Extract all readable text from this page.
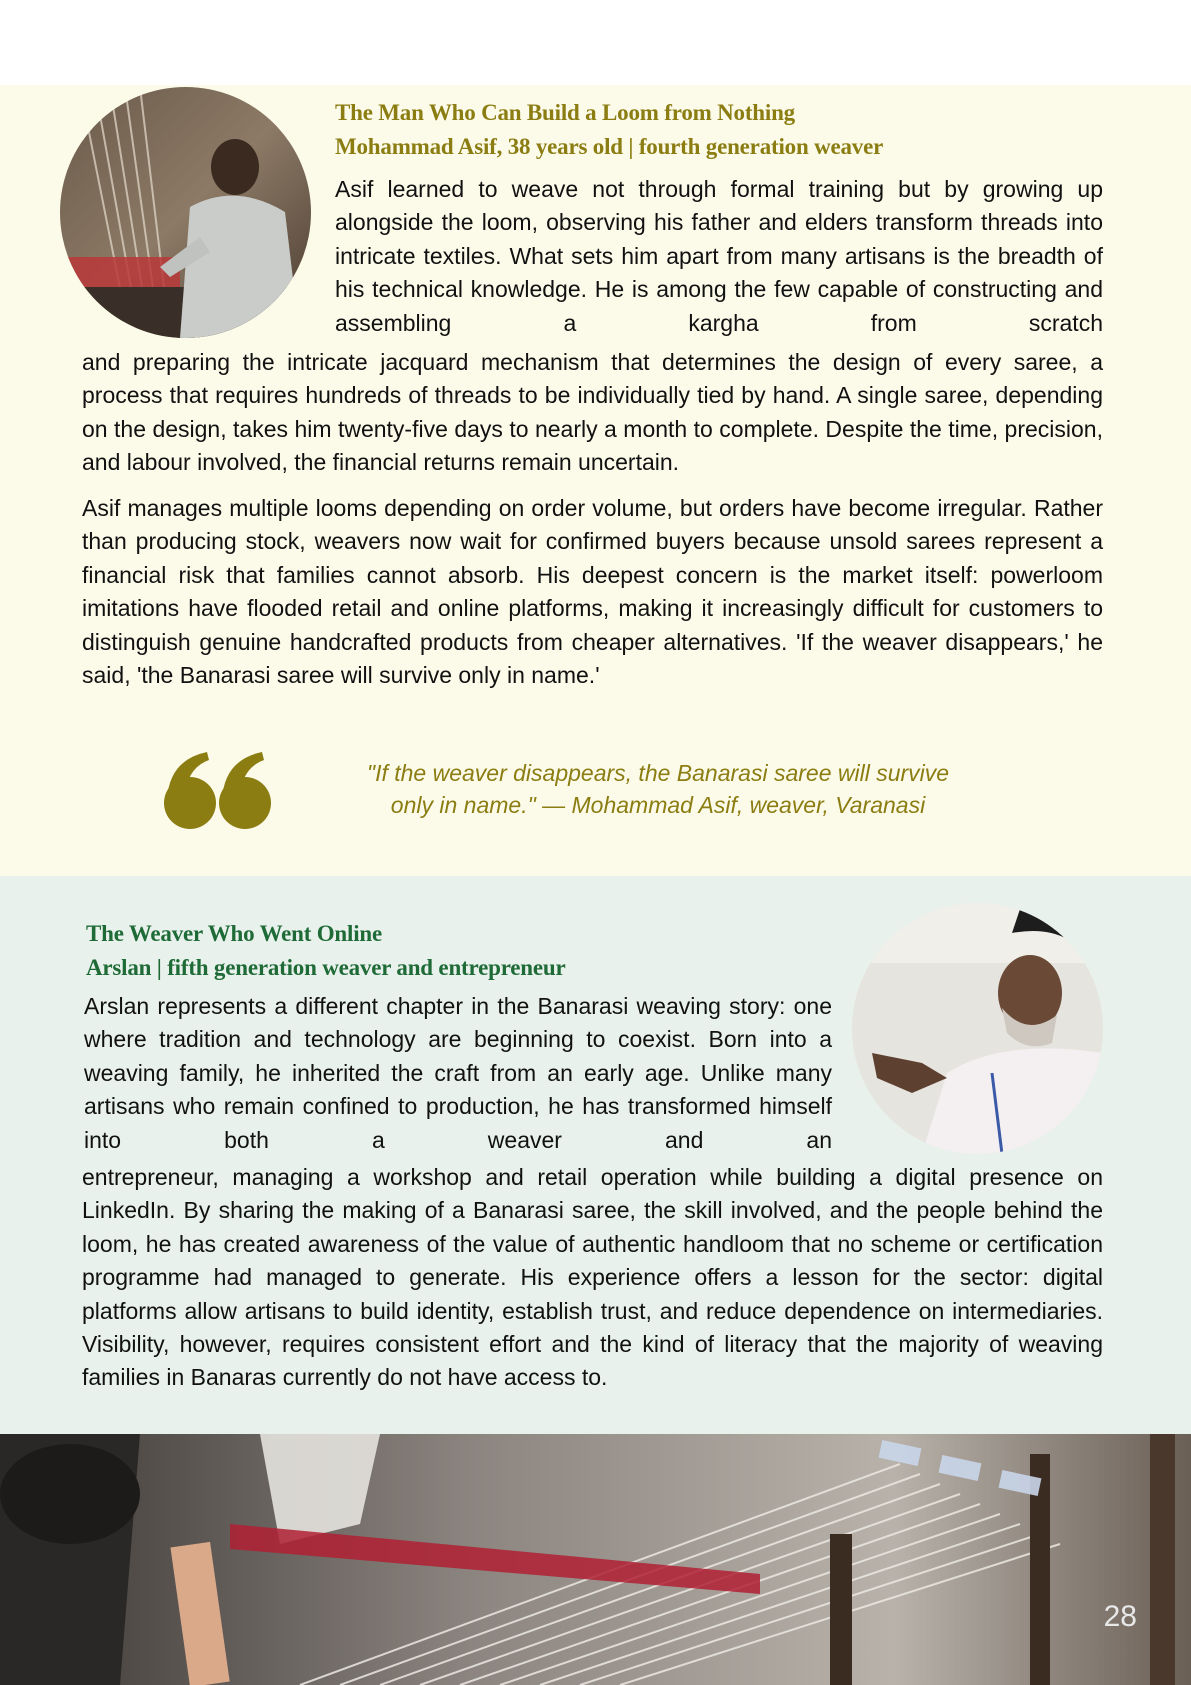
The Man Who Can Build a Loom from Nothing
Mohammad Asif, 38 years old | fourth generation weaver

Asif learned to weave not through formal training but by growing up alongside the loom, observing his father and elders transform threads into intricate textiles. What sets him apart from many artisans is the breadth of his technical knowledge. He is among the few capable of constructing and assembling a kargha from scratch

and preparing the intricate jacquard mechanism that determines the design of every saree, a process that requires hundreds of threads to be individually tied by hand. A single saree, depending on the design, takes him twenty-five days to nearly a month to complete. Despite the time, precision, and labour involved, the financial returns remain uncertain.

Asif manages multiple looms depending on order volume, but orders have become irregular. Rather than producing stock, weavers now wait for confirmed buyers because unsold sarees represent a financial risk that families cannot absorb. His deepest concern is the market itself: powerloom imitations have flooded retail and online platforms, making it increasingly difficult for customers to distinguish genuine handcrafted products from cheaper alternatives. 'If the weaver disappears,' he said, 'the Banarasi saree will survive only in name.'

"If the weaver disappears, the Banarasi saree will survive
only in name." — Mohammad Asif, weaver, Varanasi
The Weaver Who Went Online
Arslan | fifth generation weaver and entrepreneur

Arslan represents a different chapter in the Banarasi weaving story: one where tradition and technology are beginning to coexist. Born into a weaving family, he inherited the craft from an early age. Unlike many artisans who remain confined to production, he has transformed himself into both a weaver and an

entrepreneur, managing a workshop and retail operation while building a digital presence on LinkedIn. By sharing the making of a Banarasi saree, the skill involved, and the people behind the loom, he has created awareness of the value of authentic handloom that no scheme or certification programme had managed to generate. His experience offers a lesson for the sector: digital platforms allow artisans to build identity, establish trust, and reduce dependence on intermediaries. Visibility, however, requires consistent effort and the kind of literacy that the majority of weaving families in Banaras currently do not have access to.

28
